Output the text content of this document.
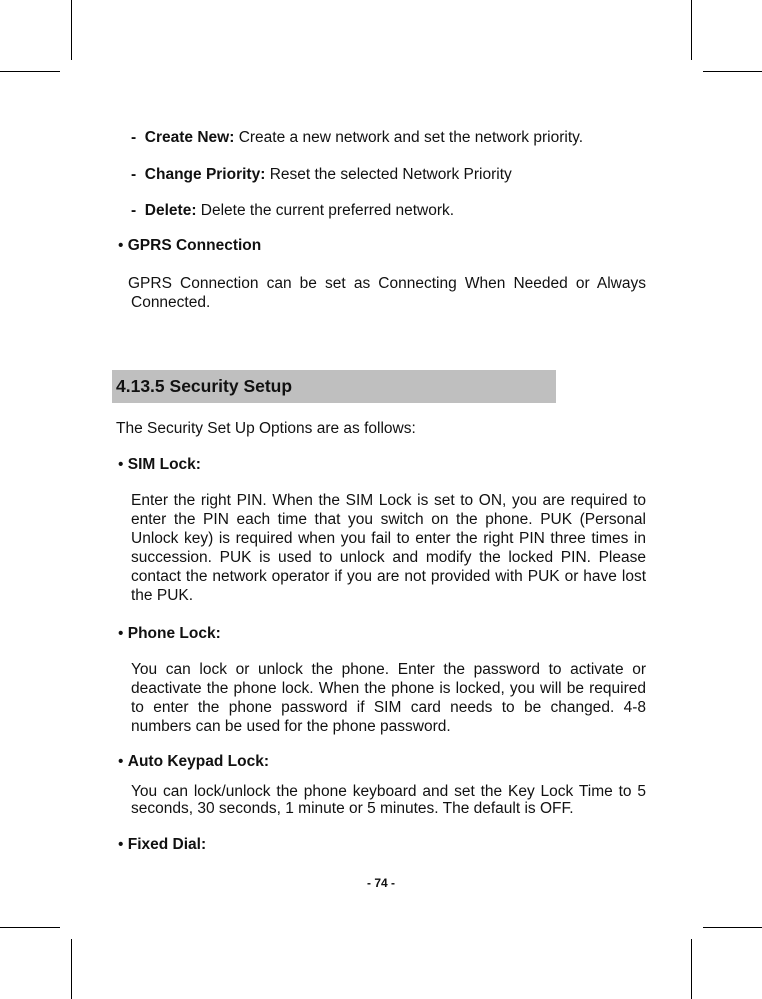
- Create New: Create a new network and set the network priority.
- Change Priority: Reset the selected Network Priority
- Delete: Delete the current preferred network.
• GPRS Connection
GPRS Connection can be set as Connecting When Needed or Always Connected.
4.13.5 Security Setup
The Security Set Up Options are as follows:
• SIM Lock:
Enter the right PIN. When the SIM Lock is set to ON, you are required to enter the PIN each time that you switch on the phone. PUK (Personal Unlock key) is required when you fail to enter the right PIN three times in succession. PUK is used to unlock and modify the locked PIN. Please contact the network operator if you are not provided with PUK or have lost the PUK.
• Phone Lock:
You can lock or unlock the phone. Enter the password to activate or deactivate the phone lock. When the phone is locked, you will be required to enter the phone password if SIM card needs to be changed. 4-8 numbers can be used for the phone password.
• Auto Keypad Lock:
You can lock/unlock the phone keyboard and set the Key Lock Time to 5 seconds, 30 seconds, 1 minute or 5 minutes. The default is OFF.
• Fixed Dial:
- 74 -
